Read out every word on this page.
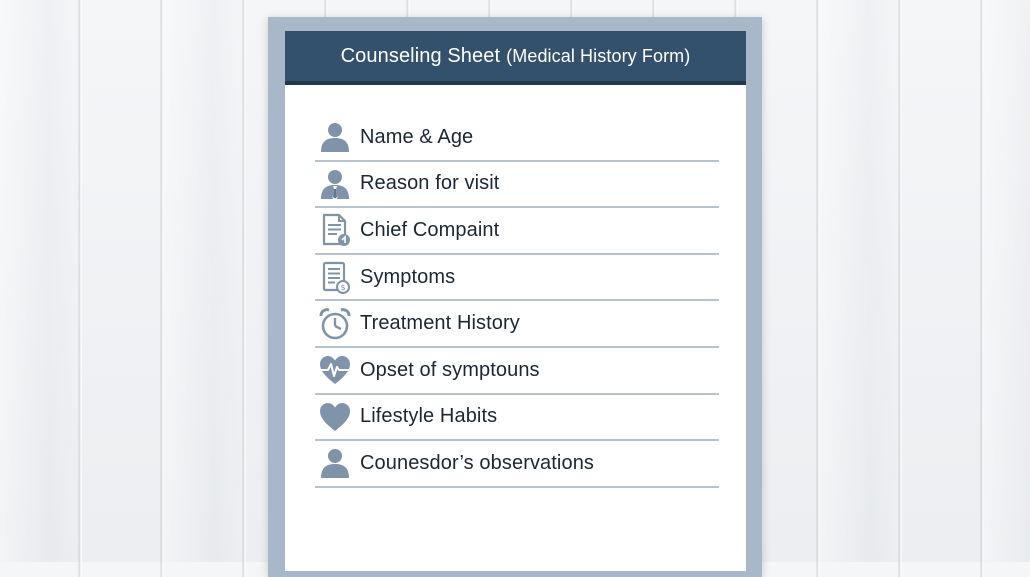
Counseling Sheet (Medical History Form)
Name & Age
Reason for visit
Chief Compaint
$ Symptoms
Treatment History
Opset of symptouns
Lifestyle Habits
Counesdor’s observations
